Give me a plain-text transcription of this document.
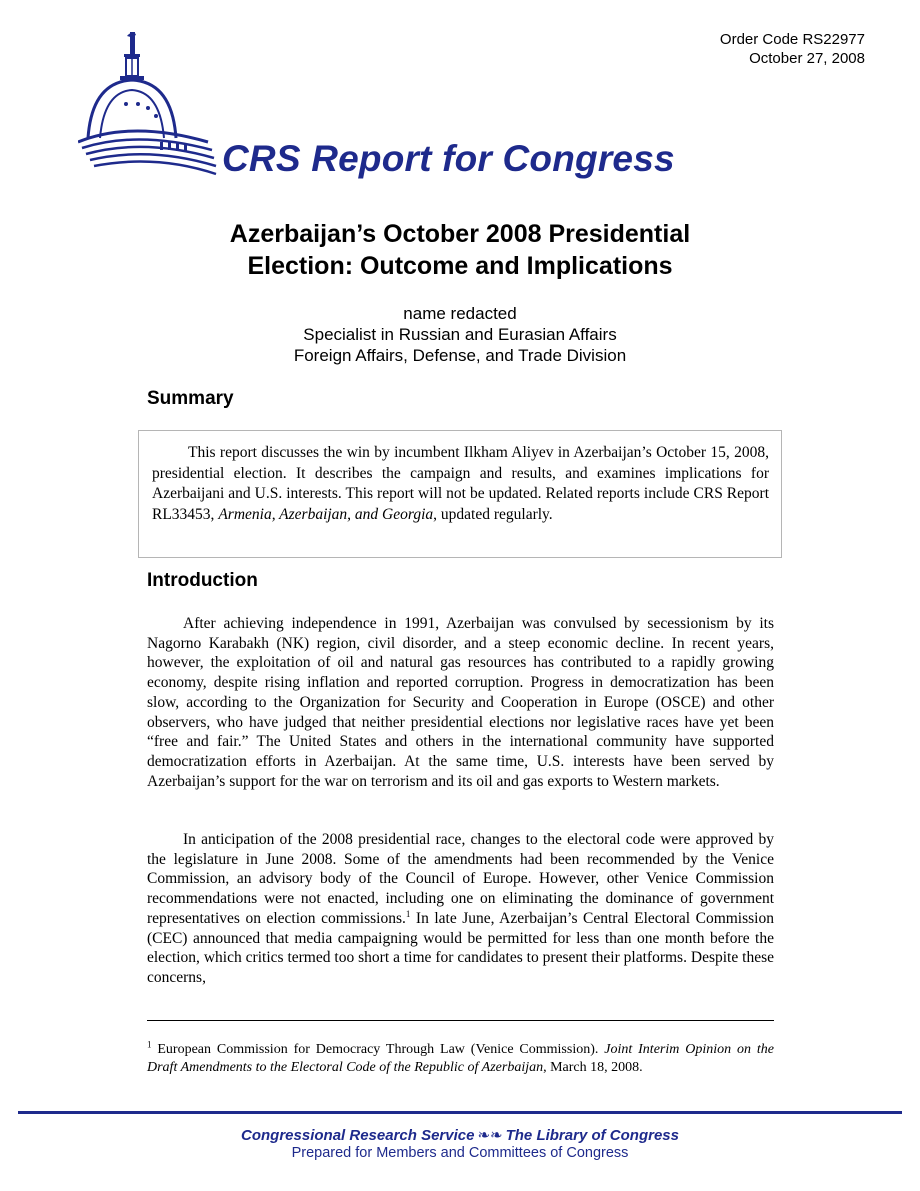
Order Code RS22977
October 27, 2008
CRS Report for Congress
Azerbaijan’s October 2008 Presidential
Election: Outcome and Implications
name redacted
Specialist in Russian and Eurasian Affairs
Foreign Affairs, Defense, and Trade Division
Summary

This report discusses the win by incumbent Ilkham Aliyev in Azerbaijan’s October 15, 2008, presidential election. It describes the campaign and results, and examines implications for Azerbaijani and U.S. interests. This report will not be updated. Related reports include CRS Report RL33453, Armenia, Azerbaijan, and Georgia, updated regularly.

Introduction

After achieving independence in 1991, Azerbaijan was convulsed by secessionism by its Nagorno Karabakh (NK) region, civil disorder, and a steep economic decline. In recent years, however, the exploitation of oil and natural gas resources has contributed to a rapidly growing economy, despite rising inflation and reported corruption. Progress in democratization has been slow, according to the Organization for Security and Cooperation in Europe (OSCE) and other observers, who have judged that neither presidential elections nor legislative races have yet been “free and fair.” The United States and others in the international community have supported democratization efforts in Azerbaijan. At the same time, U.S. interests have been served by Azerbaijan’s support for the war on terrorism and its oil and gas exports to Western markets.

In anticipation of the 2008 presidential race, changes to the electoral code were approved by the legislature in June 2008. Some of the amendments had been recommended by the Venice Commission, an advisory body of the Council of Europe. However, other Venice Commission recommendations were not enacted, including one on eliminating the dominance of government representatives on election commissions.$^1$ In late June, Azerbaijan’s Central Electoral Commission (CEC) announced that media campaigning would be permitted for less than one month before the election, which critics termed too short a time for candidates to present their platforms. Despite these concerns,

$^1$ European Commission for Democracy Through Law (Venice Commission). Joint Interim Opinion on the Draft Amendments to the Electoral Code of the Republic of Azerbaijan, March 18, 2008.

Congressional Research Service ❧❧ The Library of Congress
Prepared for Members and Committees of Congress
